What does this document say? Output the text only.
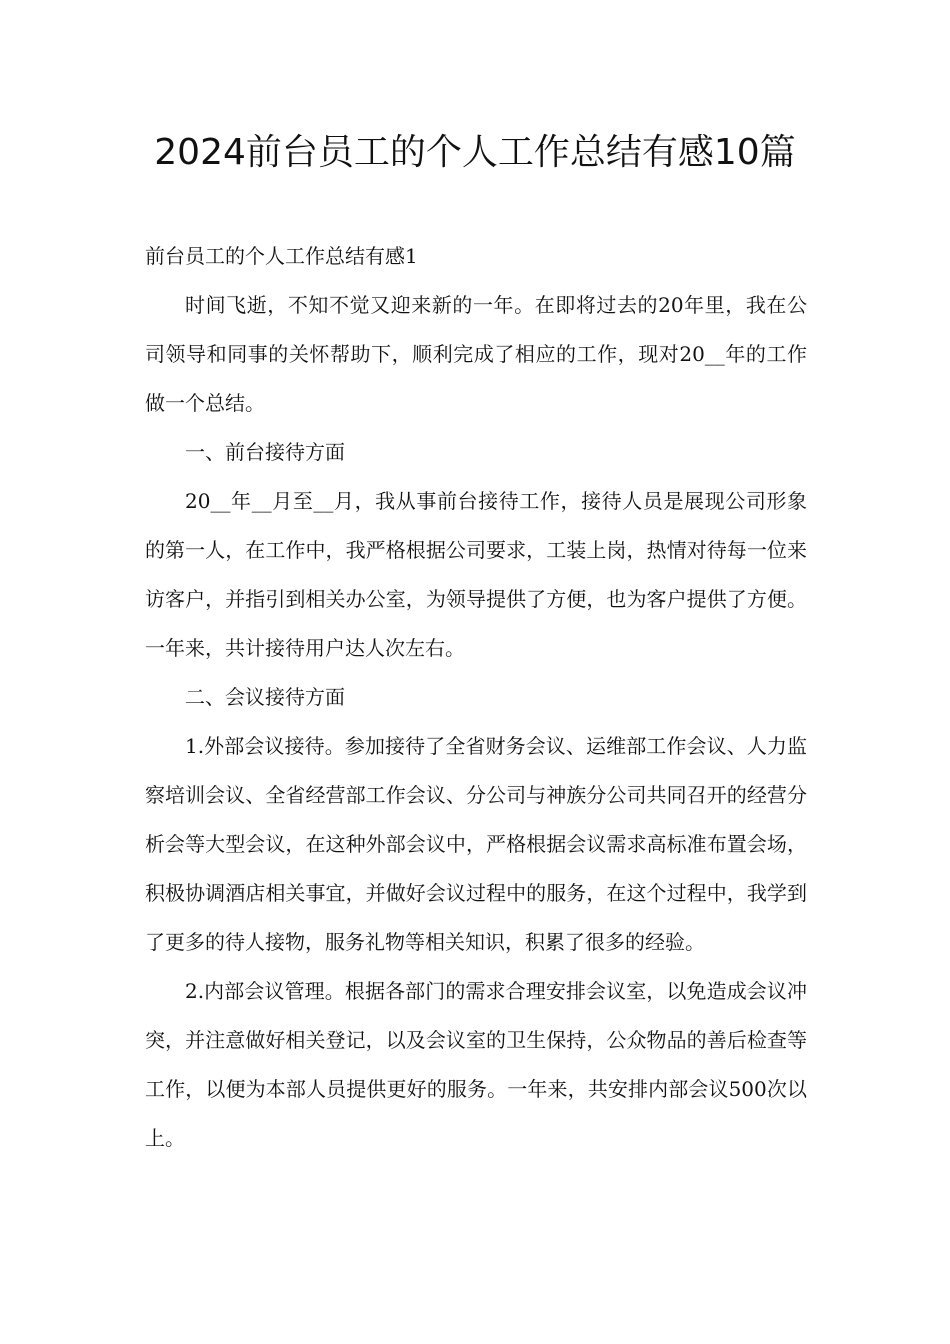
2024前台员工的个人工作总结有感10篇

前台员工的个人工作总结有感1

时间飞逝，不知不觉又迎来新的一年。在即将过去的20年里，我在公司领导和同事的关怀帮助下，顺利完成了相应的工作，现对20__年的工作做一个总结。

一、前台接待方面

20__年__月至__月，我从事前台接待工作，接待人员是展现公司形象的第一人，在工作中，我严格根据公司要求，工装上岗，热情对待每一位来访客户，并指引到相关办公室，为领导提供了方便，也为客户提供了方便。一年来，共计接待用户达人次左右。

二、会议接待方面

1.外部会议接待。参加接待了全省财务会议、运维部工作会议、人力监察培训会议、全省经营部工作会议、分公司与神族分公司共同召开的经营分析会等大型会议，在这种外部会议中，严格根据会议需求高标准布置会场，积极协调酒店相关事宜，并做好会议过程中的服务，在这个过程中，我学到了更多的待人接物，服务礼物等相关知识，积累了很多的经验。

2.内部会议管理。根据各部门的需求合理安排会议室，以免造成会议冲突，并注意做好相关登记，以及会议室的卫生保持，公众物品的善后检查等工作，以便为本部人员提供更好的服务。一年来，共安排内部会议500次以上。
